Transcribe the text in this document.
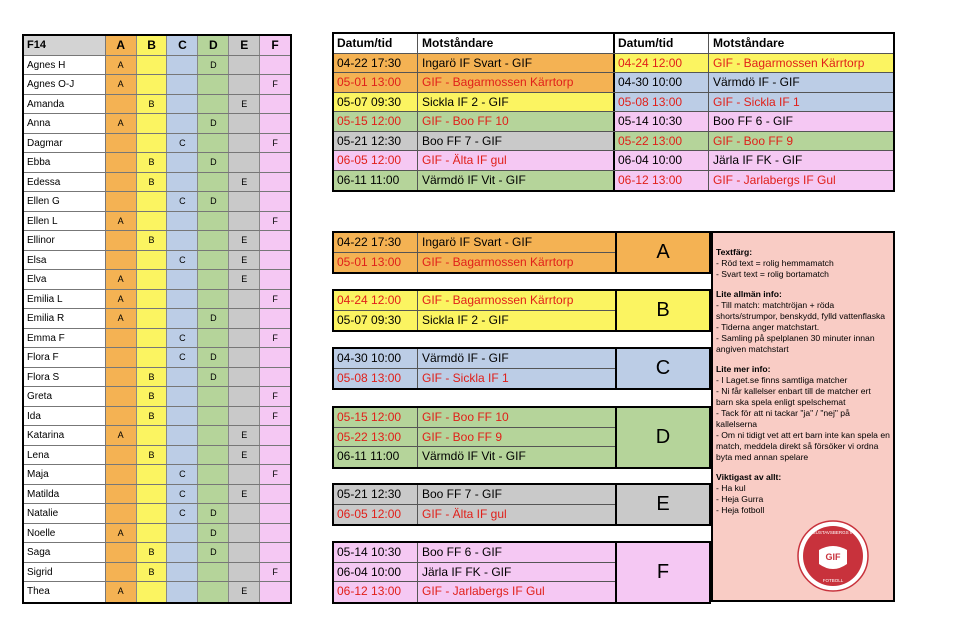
F14	A	B	C	D	E	F
Agnes H	A	D
Agnes O-J	A	F
Amanda	B	E
Anna	A	D
Dagmar	C	F
Ebba	B	D
Edessa	B	E
Ellen G	C	D
Ellen L	A	F
Ellinor	B	E
Elsa	C	E
Elva	A	E
Emilia L	A	F
Emilia R	A	D
Emma F	C	F
Flora F	C	D
Flora S	B	D
Greta	B	F
Ida	B	F
Katarina	A	E
Lena	B	E
Maja	C	F
Matilda	C	E
Natalie	C	D
Noelle	A	D
Saga	B	D
Sigrid	B	F
Thea	A	E
Datum/tid	Motståndare	Datum/tid	Motståndare
04-22 17:30	Ingarö IF Svart - GIF	04-24 12:00	GIF - Bagarmossen Kärrtorp
05-01 13:00	GIF - Bagarmossen Kärrtorp	04-30 10:00	Värmdö IF - GIF
05-07 09:30	Sickla IF 2 - GIF	05-08 13:00	GIF - Sickla IF 1
05-15 12:00	GIF - Boo FF 10	05-14 10:30	Boo FF 6 - GIF
05-21 12:30	Boo FF 7 - GIF	05-22 13:00	GIF - Boo FF 9
06-05 12:00	GIF - Älta IF gul	06-04 10:00	Järla IF FK - GIF
06-11 11:00	Värmdö IF Vit - GIF	06-12 13:00	GIF - Jarlabergs IF Gul
04-22 17:30	Ingarö IF Svart - GIF
05-01 13:00	GIF - Bagarmossen Kärrtorp	A
04-24 12:00	GIF - Bagarmossen Kärrtorp
05-07 09:30	Sickla IF 2 - GIF	B
04-30 10:00	Värmdö IF - GIF
05-08 13:00	GIF - Sickla IF 1	C
05-15 12:00	GIF - Boo FF 10
05-22 13:00	GIF - Boo FF 9
06-11 11:00	Värmdö IF Vit - GIF
D
05-21 12:30	Boo FF 7 - GIF
06-05 12:00	GIF - Älta IF gul	E
05-14 10:30	Boo FF 6 - GIF
06-04 10:00	Järla IF FK - GIF
06-12 13:00	GIF - Jarlabergs IF Gul
F
Textfärg:
- Röd text = rolig hemmamatch
- Svart text = rolig bortamatch
Lite allmän info:
- Till match: matchtröjan + röda shorts/strumpor, benskydd, fylld vattenflaska
- Tiderna anger matchstart.
- Samling på spelplanen 30 minuter innan angiven matchstart
Lite mer info:
- I Laget.se finns samtliga matcher
- Ni får kallelser enbart till de matcher ert barn ska spela enligt spelschemat
- Tack för att ni tackar "ja" / "nej" på kallelserna
- Om ni tidigt vet att ert barn inte kan spela en match, meddela direkt så försöker vi ordna byta med annan spelare
Viktigast av allt:
- Ha kul
- Heja Gurra
- Heja fotboll
GIF
GUSTAVSBERGS IF
FOTBOLL
